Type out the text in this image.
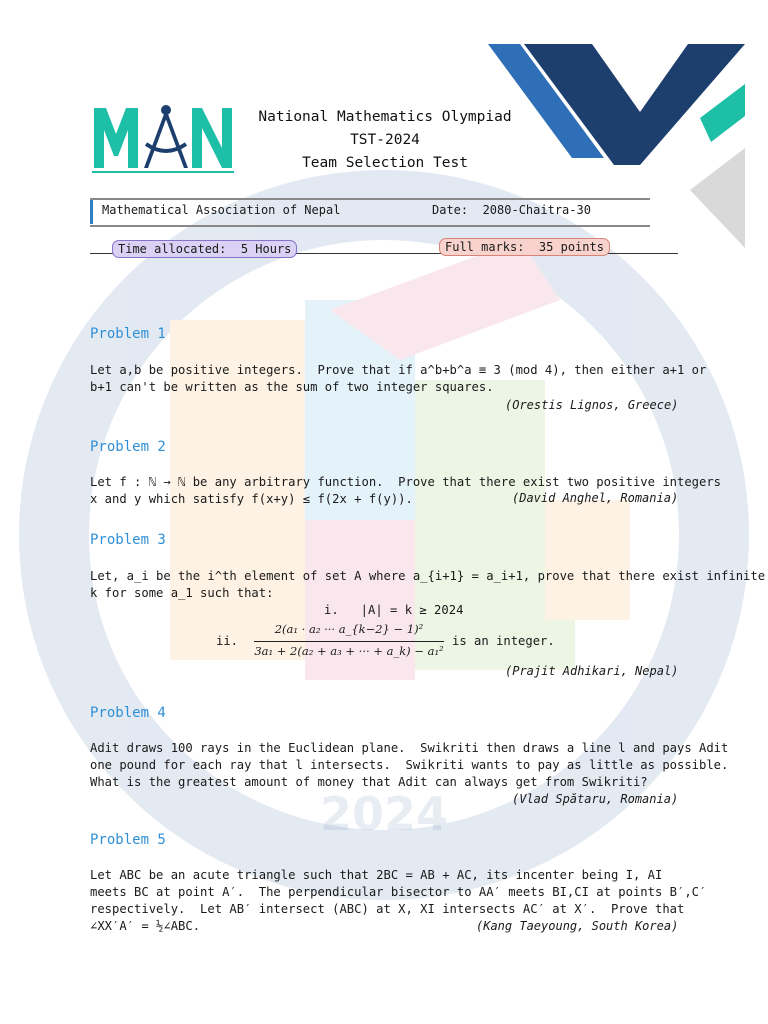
2024
National Mathematics Olympiad
TST-2024
Team Selection Test
Mathematical Association of Nepal	Date: 2080-Chaitra-30
Time allocated:  5 Hours	Full marks:  35 points
Problem 1
Let a,b be positive integers.  Prove that if a^b+b^a ≡ 3 (mod 4), then either a+1 or
b+1 can't be written as the sum of two integer squares.
(Orestis Lignos, Greece)
Problem 2
Let f : ℕ → ℕ be any arbitrary function.  Prove that there exist two positive integers
x and y which satisfy f(x+y) ≤ f(2x + f(y)).	(David Anghel, Romania)
Problem 3
Let, a_i be the i^th element of set A where a_{i+1} = a_i+1, prove that there exist infinite
k for some a_1 such that:
i.   |A| = k ≥ 2024
ii.
2(a₁ · a₂ ··· a_{k−2} − 1)²
3a₁ + 2(a₂ + a₃ + ··· + a_k) − a₁²
is an integer.
(Prajit Adhikari, Nepal)
Problem 4
Adit draws 100 rays in the Euclidean plane.  Swikriti then draws a line l and pays Adit
one pound for each ray that l intersects.  Swikriti wants to pay as little as possible.
What is the greatest amount of money that Adit can always get from Swikriti?
(Vlad Spătaru, Romania)
Problem 5
Let ABC be an acute triangle such that 2BC = AB + AC, its incenter being I, AI
meets BC at point A′.  The perpendicular bisector to AA′ meets BI,CI at points B′,C′
respectively.  Let AB′ intersect (ABC) at X, XI intersects AC′ at X′.  Prove that
∠XX′A′ = ½∠ABC.	(Kang Taeyoung, South Korea)
